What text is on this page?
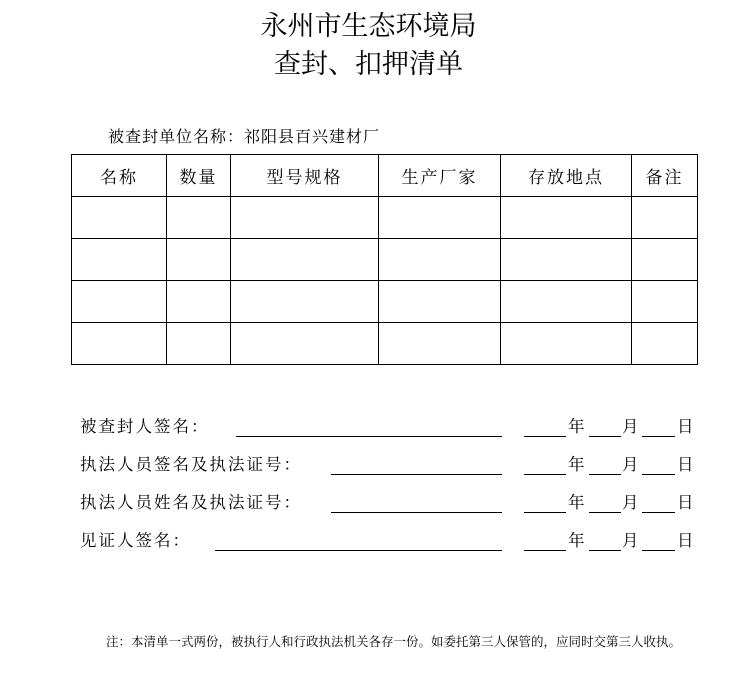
永州市生态环境局
查封、扣押清单
被查封单位名称：祁阳县百兴建材厂
名称	数量	型号规格	生产厂家	存放地点	备注

被查封人签名：	年 月 日
执法人员签名及执法证号：	年 月 日
执法人员姓名及执法证号：	年 月 日
见证人签名：	年 月 日
注：本清单一式两份，被执行人和行政执法机关各存一份。如委托第三人保管的，应同时交第三人收执。
